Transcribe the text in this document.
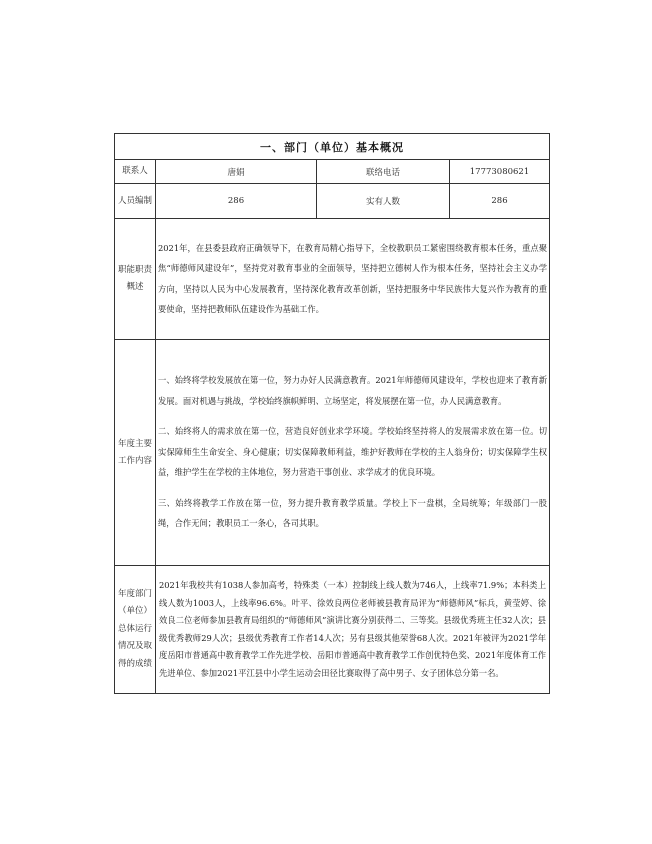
一、部门（单位）基本概况			
联系人	唐娟	联络电话	17773080621
人员编制	286	实有人数	286
职能职责概述	2021年，在县委县政府正确领导下，在教育局精心指导下，全校教职员工紧密围绕教育根本任务，重点聚焦“师德师风建设年”，坚持党对教育事业的全面领导，坚持把立德树人作为根本任务，坚持社会主义办学方向，坚持以人民为中心发展教育，坚持深化教育改革创新，坚持把服务中华民族伟大复兴作为教育的重要使命，坚持把教师队伍建设作为基础工作。		
年度主要工作内容	一、始终将学校发展放在第一位，努力办好人民满意教育。2021年师德师风建设年，学校也迎来了教育新发展。面对机遇与挑战，学校始终旗帜鲜明、立场坚定，将发展摆在第一位，办人民满意教育。

二、始终将人的需求放在第一位，营造良好创业求学环境。学校始终坚持将人的发展需求放在第一位。切实保障师生生命安全、身心健康；切实保障教师利益，维护好教师在学校的主人翁身份；切实保障学生权益，维护学生在学校的主体地位，努力营造干事创业、求学成才的优良环境。

三、始终将教学工作放在第一位，努力提升教育教学质量。学校上下一盘棋，全局统筹；年级部门一股绳，合作无间；教职员工一条心，各司其职。		

年度部门（单位）总体运行情况及取得的成绩	2021年我校共有1038人参加高考，特殊类（一本）控制线上线人数为746人，上线率71.9%；本科类上线人数为1003人，上线率96.6%。叶平、徐效良两位老师被县教育局评为“师德师风”标兵，黄莹婷、徐效良二位老师参加县教育局组织的“师德师风”演讲比赛分别获得二、三等奖。县级优秀班主任32人次；县级优秀教师29人次；县级优秀教育工作者14人次；另有县级其他荣誉68人次。2021年被评为2021学年度岳阳市普通高中教育教学工作先进学校、岳阳市普通高中教育教学工作创优特色奖、2021年度体育工作先进单位、参加2021平江县中小学生运动会田径比赛取得了高中男子、女子团体总分第一名。		
